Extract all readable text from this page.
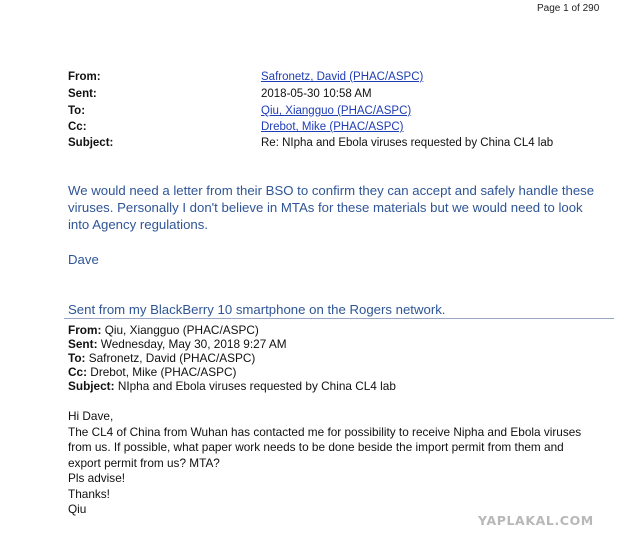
Page 1 of 290
From:	Safronetz, David (PHAC/ASPC)
Sent:	2018-05-30 10:58 AM
To:	Qiu, Xiangguo (PHAC/ASPC)
Cc:	Drebot, Mike (PHAC/ASPC)
Subject:	Re: NIpha and Ebola viruses requested by China CL4 lab
We would need a letter from their BSO to confirm they can accept and safely handle these
viruses. Personally I don't believe in MTAs for these materials but we would need to look
into Agency regulations.
Dave
Sent from my BlackBerry 10 smartphone on the Rogers network.
From: Qiu, Xiangguo (PHAC/ASPC)
Sent: Wednesday, May 30, 2018 9:27 AM
To: Safronetz, David (PHAC/ASPC)
Cc: Drebot, Mike (PHAC/ASPC)
Subject: NIpha and Ebola viruses requested by China CL4 lab
Hi Dave,
The CL4 of China from Wuhan has contacted me for possibility to receive Nipha and Ebola viruses
from us. If possible, what paper work needs to be done beside the import permit from them and
export permit from us? MTA?
Pls advise!
Thanks!
Qiu
YAPLAKAL.COM
